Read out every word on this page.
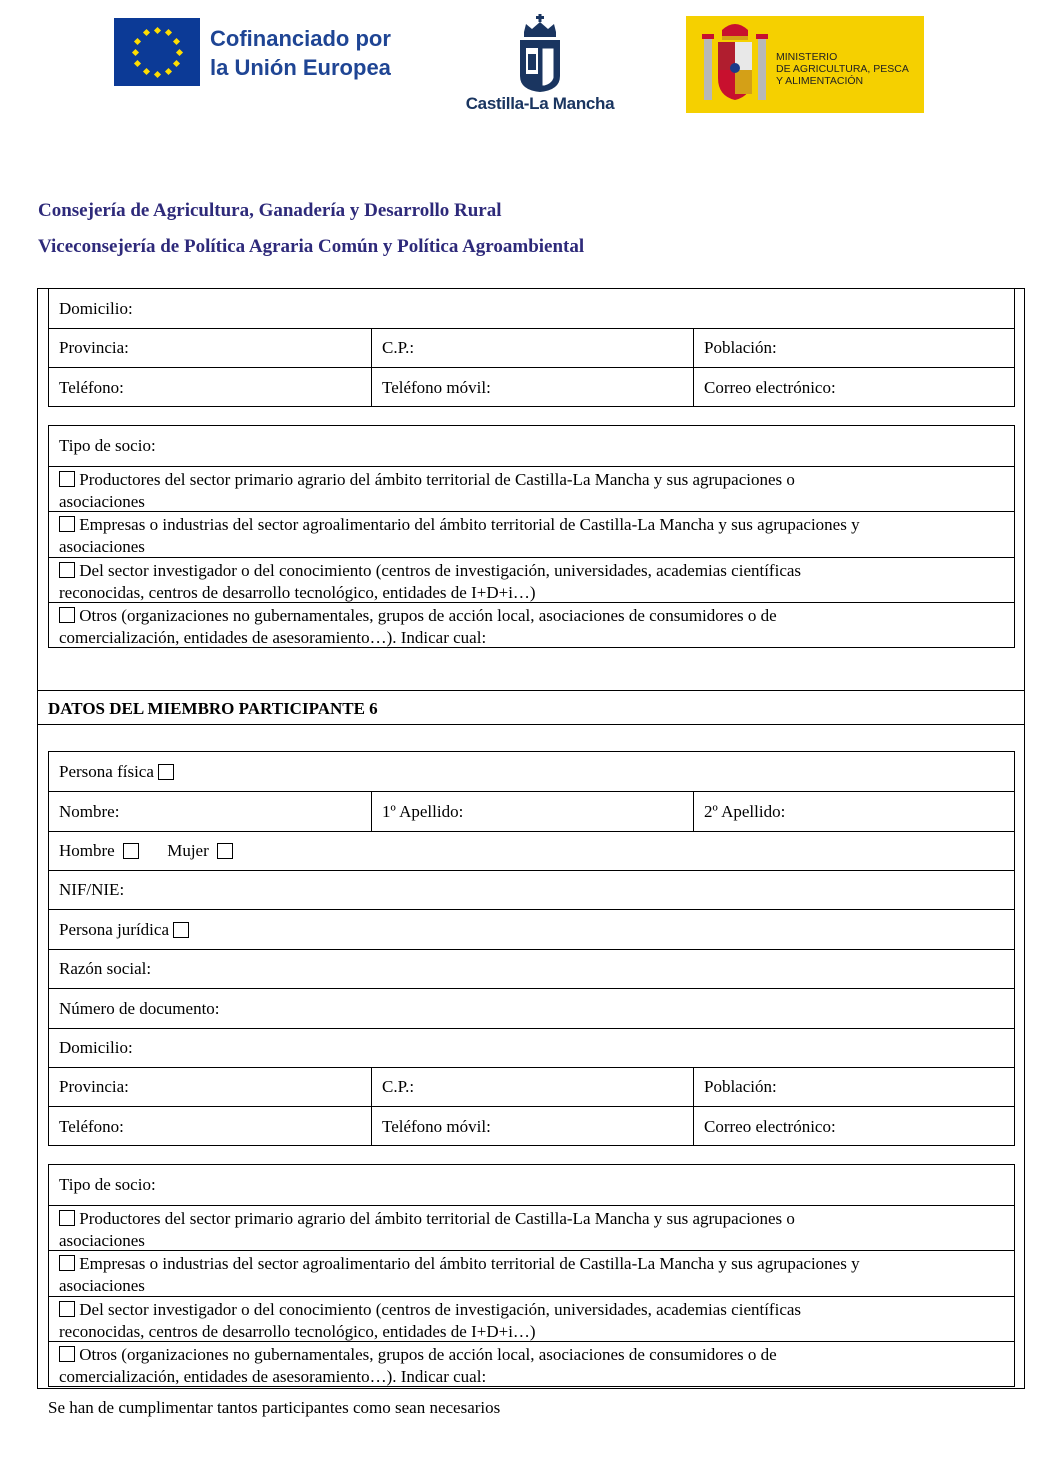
Cofinanciado por
la Unión Europea
Castilla-La Mancha
MINISTERIO
DE AGRICULTURA, PESCA
Y ALIMENTACIÓN
Consejería de Agricultura, Ganadería y Desarrollo Rural
Viceconsejería de Política Agraria Común y Política Agroambiental
Domicilio:
Provincia:	C.P.:	Población:
Teléfono:	Teléfono móvil:	Correo electrónico:
Tipo de socio:
Productores del sector primario agrario del ámbito territorial de Castilla-La Mancha y sus agrupaciones o
asociaciones
Empresas o industrias del sector agroalimentario del ámbito territorial de Castilla-La Mancha y sus agrupaciones y
asociaciones
Del sector investigador o del conocimiento (centros de investigación, universidades, academias científicas
reconocidas, centros de desarrollo tecnológico, entidades de I+D+i…)
Otros (organizaciones no gubernamentales, grupos de acción local, asociaciones de consumidores o de
comercialización, entidades de asesoramiento…). Indicar cual:
DATOS DEL MIEMBRO PARTICIPANTE 6
Persona física

Nombre:	1º Apellido:	2º Apellido:
Hombre
	Mujer

NIF/NIE:
Persona jurídica

Razón social:
Número de documento:
Domicilio:
Provincia:	C.P.:	Población:
Teléfono:	Teléfono móvil:	Correo electrónico:
Tipo de socio:
Productores del sector primario agrario del ámbito territorial de Castilla-La Mancha y sus agrupaciones o
asociaciones
Empresas o industrias del sector agroalimentario del ámbito territorial de Castilla-La Mancha y sus agrupaciones y
asociaciones
Del sector investigador o del conocimiento (centros de investigación, universidades, academias científicas
reconocidas, centros de desarrollo tecnológico, entidades de I+D+i…)
Otros (organizaciones no gubernamentales, grupos de acción local, asociaciones de consumidores o de
comercialización, entidades de asesoramiento…). Indicar cual:
Se han de cumplimentar tantos participantes como sean necesarios
